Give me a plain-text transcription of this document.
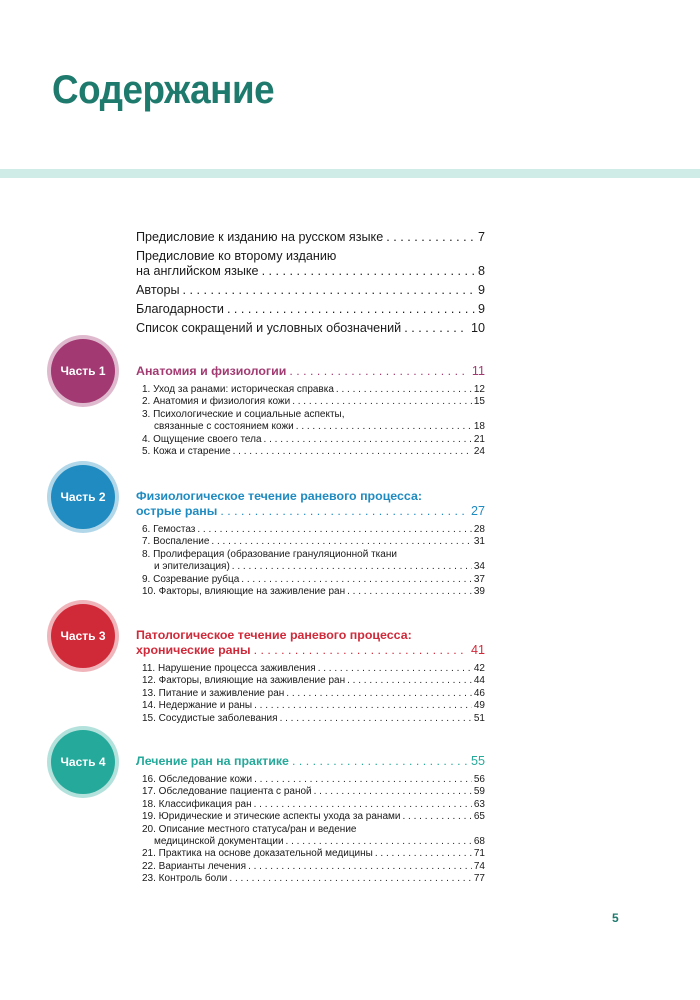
Содержание
Предисловие к изданию на русском языке . . .	7
Предисловие ко второму изданию
на английском языке . . .	8
Авторы . . .	9
Благодарности . . .	9
Список сокращений и условных обозначений . . .	10
Часть 1 Анатомия и физиологии . . .	11
1. Уход за ранами: историческая справка . . .	12
2. Анатомия и физиология кожи . . .	15
3. Психологические и социальные аспекты,
связанные с состоянием кожи . . .	18
4. Ощущение своего тела . . .	21
5. Кожа и старение . . .	24
Часть 2 Физиологическое течение раневого процесса:
острые раны . . .	27
6. Гемостаз . . .	28
7. Воспаление . . .	31
8. Пролиферация (образование грануляционной ткани
и эпителизация) . . .	34
9. Созревание рубца . . .	37
10. Факторы, влияющие на заживление ран . . .	39
Часть 3 Патологическое течение раневого процесса:
хронические раны . . .	41
11. Нарушение процесса заживления . . .	42
12. Факторы, влияющие на заживление ран . . .	44
13. Питание и заживление ран . . .	46
14. Недержание и раны . . .	49
15. Сосудистые заболевания . . .	51
Часть 4 Лечение ран на практике . . .	55
16. Обследование кожи . . .	56
17. Обследование пациента с раной . . .	59
18. Классификация ран . . .	63
19. Юридические и этические аспекты ухода за ранами . . .	65
20. Описание местного статуса/ран и ведение
медицинской документации . . .	68
21. Практика на основе доказательной медицины . . .	71
22. Варианты лечения . . .	74
23. Контроль боли . . .	77
5
